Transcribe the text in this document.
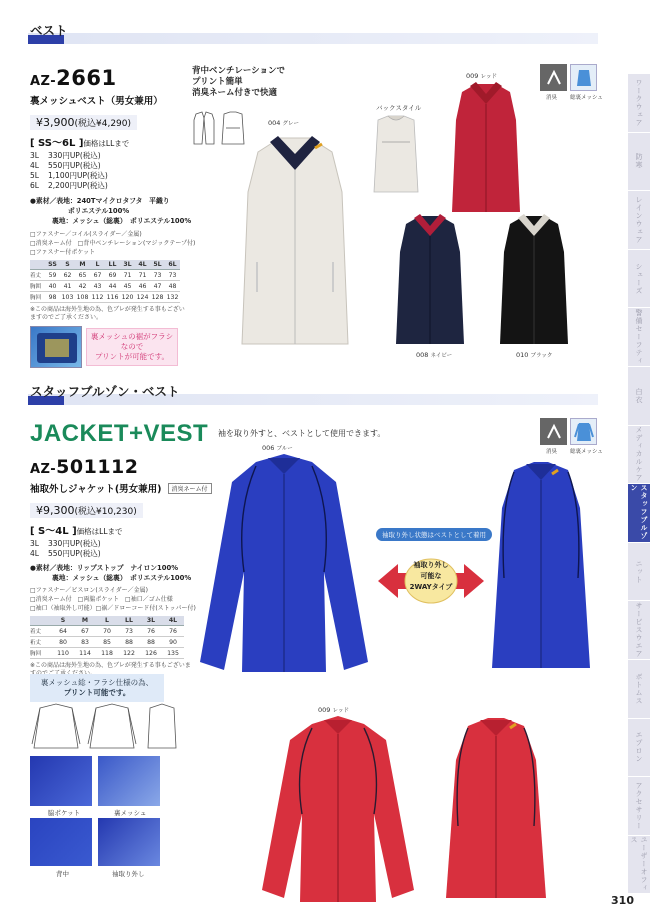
ベスト
AZ-2661
裏メッシュベスト（男女兼用）
¥3,900(税込¥4,290)
[ SS～6L ]価格はLLまで
3L 330円UP(税込)
4L 550円UP(税込)
5L 1,100円UP(税込)
6L 2,200円UP(税込)
●素材／表地：240Tマイクロタフタ　平織り
ポリエステル100%
裏地：メッシュ（総裏）　ポリエステル100%
□ファスナー／コイル(スライダー／金属)
□消臭ネーム付　□背中ベンチレーション(マジックテープ付)
□ファスナー付ポケット
	SS	S	M	L	LL	3L	4L	5L	6L
着丈	59	62	65	67	69	71	71	73	73
胸囲	40	41	42	43	44	45	46	47	48
胸回	98	103	108	112	116	120	124	128	132
※この商品は海外生地の為、色ブレが発生する事もございますのでご了承ください。
裏メッシュの裾がフラシなので
プリントが可能です。
背中ベンチレーションで
プリント簡単
消臭ネーム付きで快適
バックスタイル
004 グレー
009 レッド
008 ネイビー	010 ブラック
消臭 総裏メッシュ
スタッフブルゾン・ベスト
JACKET+VEST 袖を取り外すと、ベストとして使用できます。
AZ-501112
袖取外しジャケット(男女兼用)	消臭ネーム付
¥9,300(税込¥10,230)
[ S～4L ]価格はLLまで
3L 330円UP(税込)
4L 550円UP(税込)
●素材／表地：リップストップ　ナイロン100%
裏地：メッシュ（総裏）　ポリエステル100%
□ファスナー／ビスロン(スライダー／金属)
□消臭ネーム付　□両脇ポケット　□袖口／ゴム仕様
□袖口（袖取外し可能）□裾／ドローコード付(ストッパー付)
	S	M	L	LL	3L	4L
着丈	64	67	70	73	76	76
裄丈	80	83	85	88	88	90
胸回	110	114	118	122	126	135
※この商品は海外生地の為、色ブレが発生する事もございま
裏メッシュ総・フラシ仕様の為、
プリント可能です。
脇ポケット	裏メッシュ
背中	袖取り外し
006 ブルー
袖取り外し状態はベストとして着用
袖取り外し
可能な
2WAYタイプ
消臭 総裏メッシュ
009 レッド
ワークウェア
防寒
レインウェア
シューズ
警備セーフティ
白衣
メディカルケア
スタッフブルゾン
ニット
サービスウエア
ボトムス
エプロン
アクセサリー
ユーザーオフィス
310
